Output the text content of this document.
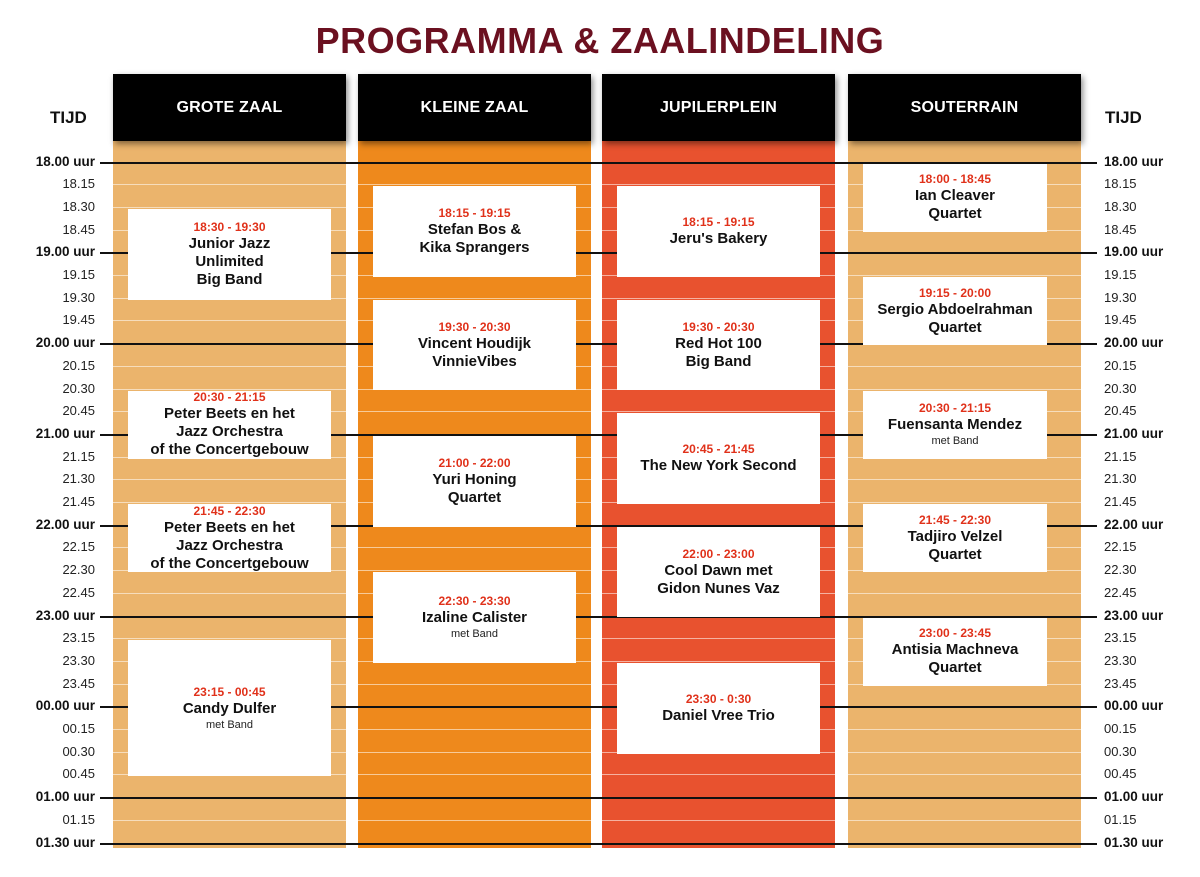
PROGRAMMA & ZAALINDELING
TIJD	TIJD
18.00 uur	18.00 uur
18.15	18.15
18.30	18.30
18.45	18.45
19.00 uur	19.00 uur
19.15	19.15
19.30	19.30
19.45	19.45
20.00 uur	20.00 uur
20.15	20.15
20.30	20.30
20.45	20.45
21.00 uur	21.00 uur
21.15	21.15
21.30	21.30
21.45	21.45
22.00 uur	22.00 uur
22.15	22.15
22.30	22.30
22.45	22.45
23.00 uur	23.00 uur
23.15	23.15
23.30	23.30
23.45	23.45
00.00 uur	00.00 uur
00.15	00.15
00.30	00.30
00.45	00.45
01.00 uur	01.00 uur
01.15	01.15
01.30 uur	01.30 uur
GROTE ZAAL	KLEINE ZAAL	JUPILERPLEIN	SOUTERRAIN
18:30 - 19:30
Junior Jazz
Unlimited
Big Band
20:30 - 21:15
Peter Beets en het
Jazz Orchestra
of the Concertgebouw
21:45 - 22:30
Peter Beets en het
Jazz Orchestra
of the Concertgebouw
23:15 - 00:45
Candy Dulfer
met Band
18:15 - 19:15
Stefan Bos &
Kika Sprangers
19:30 - 20:30
Vincent Houdijk
VinnieVibes
21:00 - 22:00
Yuri Honing
Quartet
22:30 - 23:30
Izaline Calister
met Band
18:15 - 19:15
Jeru's Bakery
19:30 - 20:30
Red Hot 100
Big Band
20:45 - 21:45
The New York Second
22:00 - 23:00
Cool Dawn met
Gidon Nunes Vaz
23:30 - 0:30
Daniel Vree Trio
18:00 - 18:45
Ian Cleaver
Quartet
19:15 - 20:00
Sergio Abdoelrahman
Quartet
20:30 - 21:15
Fuensanta Mendez
met Band
21:45 - 22:30
Tadjiro Velzel
Quartet
23:00 - 23:45
Antisia Machneva
Quartet
